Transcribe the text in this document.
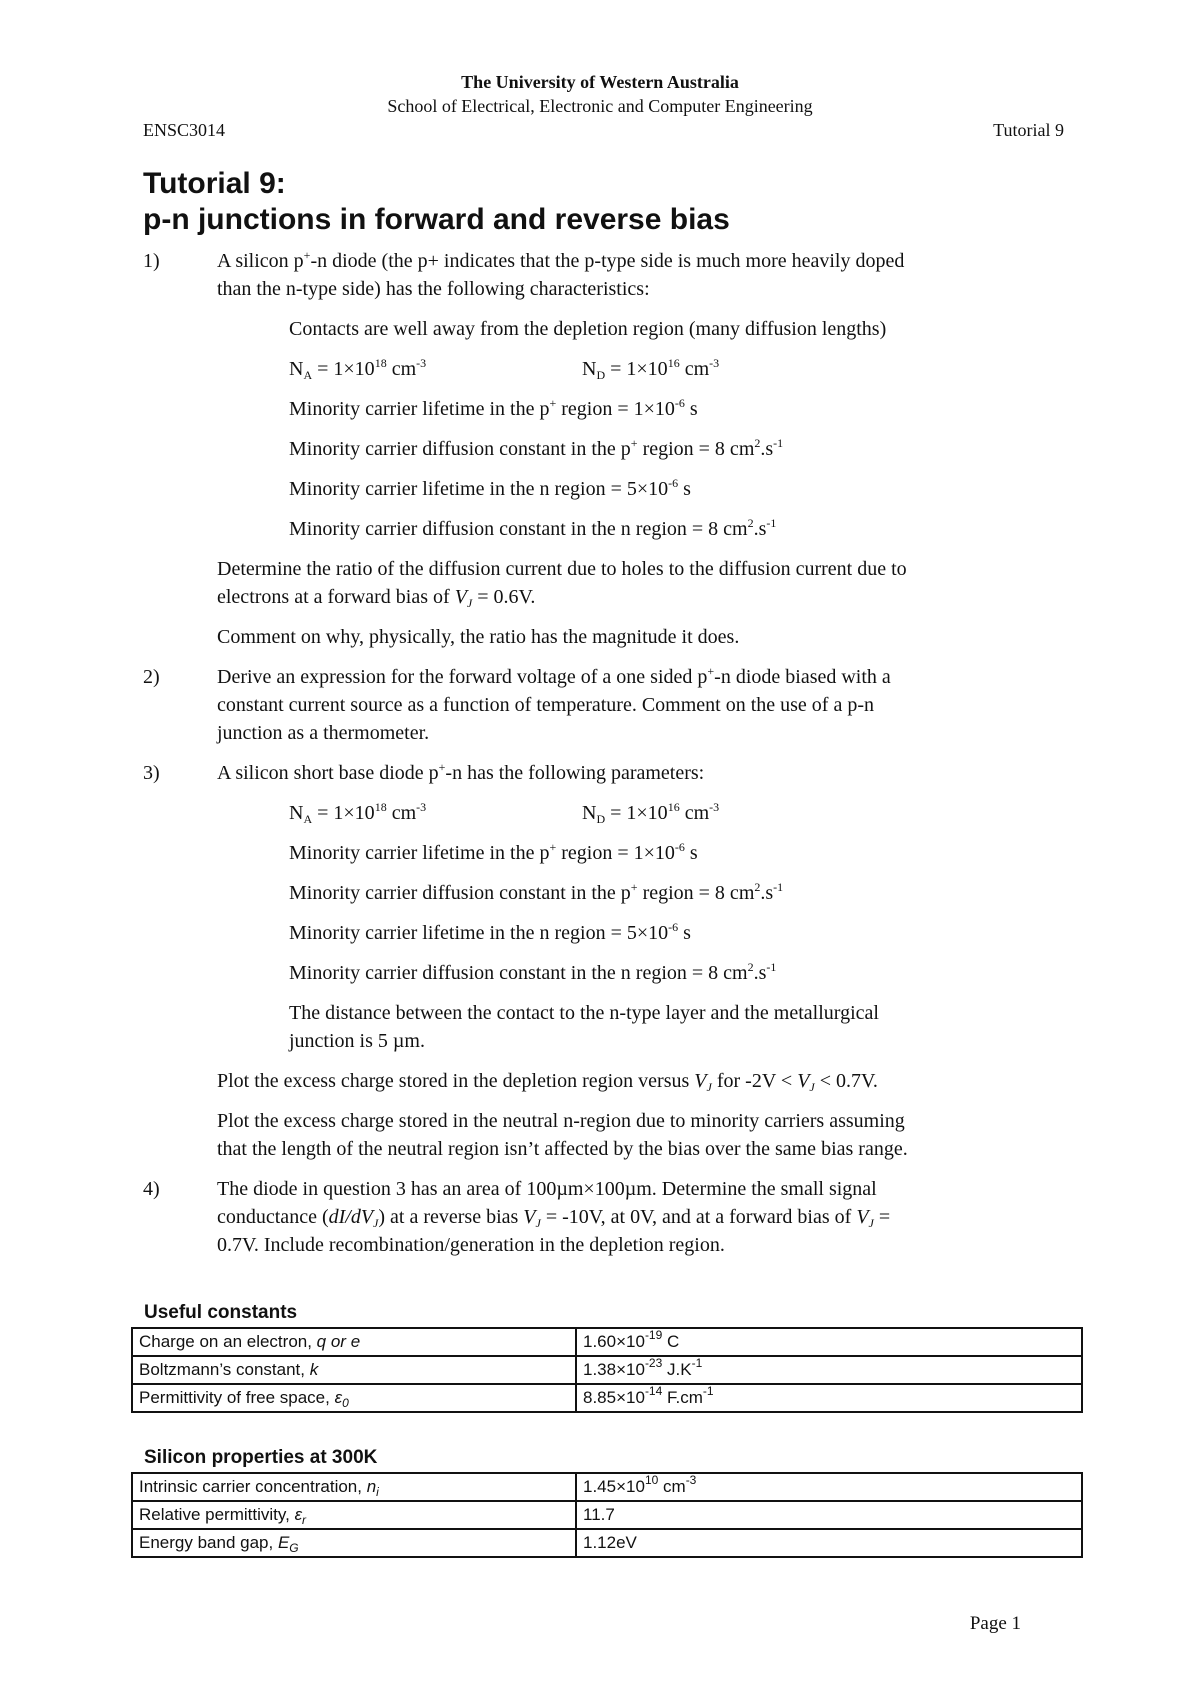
The University of Western Australia
School of Electrical, Electronic and Computer Engineering
ENSC3014	Tutorial 9
Tutorial 9:
p-n junctions in forward and reverse bias
1)	A silicon p+-n diode (the p+ indicates that the p-type side is much more heavily doped
than the n-type side) has the following characteristics:
Contacts are well away from the depletion region (many diffusion lengths)
$N_A = 1\times 10^{18}$ $cm^{-3}$	$N_D = 1\times 10^{16}$ $cm^{-3}$
Minority carrier lifetime in the p+ region = $1\times 10^{-6}$ s
Minority carrier diffusion constant in the p+ region = 8 $cm^2.s^{-1}$
Minority carrier lifetime in the n region = $5\times 10^{-6}$ s
Minority carrier diffusion constant in the n region = 8 $cm^2.s^{-1}$
Determine the ratio of the diffusion current due to holes to the diffusion current due to
electrons at a forward bias of $V_J = 0.6V$.
Comment on why, physically, the ratio has the magnitude it does.
2)	Derive an expression for the forward voltage of a one sided p+-n diode biased with a
constant current source as a function of temperature. Comment on the use of a p-n
junction as a thermometer.
3)	A silicon short base diode p+-n has the following parameters:
$N_A = 1\times 10^{18}$ $cm^{-3}$	$N_D = 1\times 10^{16}$ $cm^{-3}$
Minority carrier lifetime in the p+ region = $1\times 10^{-6}$ s
Minority carrier diffusion constant in the p+ region = 8 $cm^2.s^{-1}$
Minority carrier lifetime in the n region = $5\times 10^{-6}$ s
Minority carrier diffusion constant in the n region = 8 $cm^2.s^{-1}$
The distance between the contact to the n-type layer and the metallurgical
junction is 5 µm.
Plot the excess charge stored in the depletion region versus $V_J$ for $-2V < V_J < 0.7V$.
Plot the excess charge stored in the neutral n-region due to minority carriers assuming
that the length of the neutral region isn’t affected by the bias over the same bias range.
4)	The diode in question 3 has an area of 100µm×100µm. Determine the small signal
conductance $(dI/dV_J)$ at a reverse bias $V_J = -10V$, at 0V, and at a forward bias of $V_J$ =
0.7V. Include recombination/generation in the depletion region.
Useful constants
Charge on an electron, q or e	$1.60\times 10^{-19}$ C
Boltzmann’s constant, k	$1.38\times 10^{-23}$ $J.K^{-1}$
Permittivity of free space, $\varepsilon_0$	$8.85\times 10^{-14}$ $F.cm^{-1}$
Silicon properties at 300K
Intrinsic carrier concentration, $n_i$	$1.45\times 10^{10}$ $cm^{-3}$
Relative permittivity, $\varepsilon_r$	11.7
Energy band gap, $E_G$	1.12eV
Page 1
